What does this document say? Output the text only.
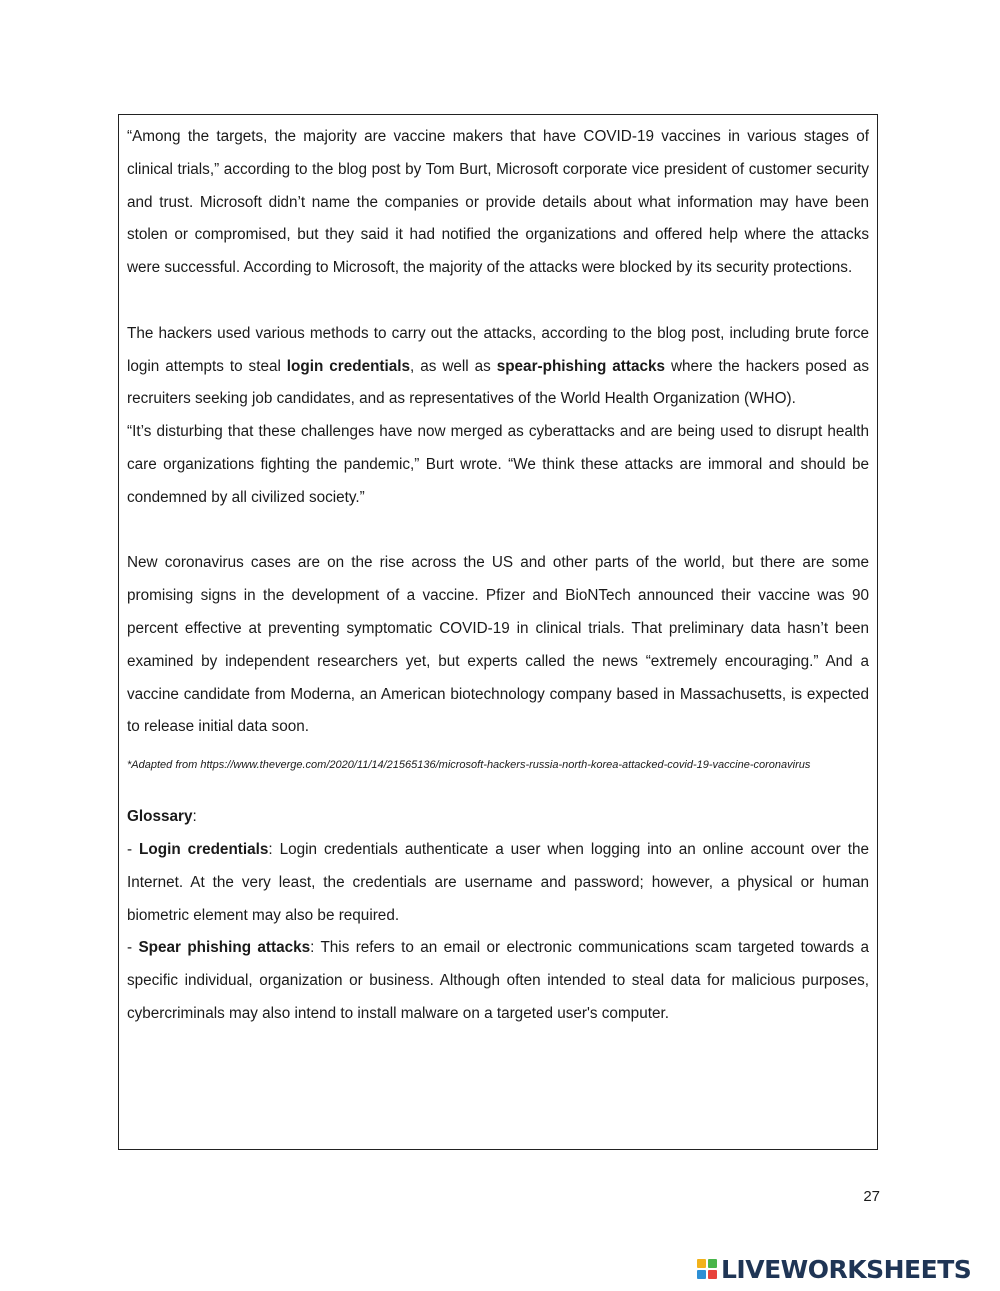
“Among the targets, the majority are vaccine makers that have COVID-19 vaccines in various stages of clinical trials,” according to the blog post by Tom Burt, Microsoft corporate vice president of customer security and trust. Microsoft didn’t name the companies or provide details about what information may have been stolen or compromised, but they said it had notified the organizations and offered help where the attacks were successful. According to Microsoft, the majority of the attacks were blocked by its security protections.

The hackers used various methods to carry out the attacks, according to the blog post, including brute force login attempts to steal login credentials, as well as spear-phishing attacks where the hackers posed as recruiters seeking job candidates, and as representatives of the World Health Organization (WHO).

“It’s disturbing that these challenges have now merged as cyberattacks and are being used to disrupt health care organizations fighting the pandemic,” Burt wrote. “We think these attacks are immoral and should be condemned by all civilized society.”

New coronavirus cases are on the rise across the US and other parts of the world, but there are some promising signs in the development of a vaccine. Pfizer and BioNTech announced their vaccine was 90 percent effective at preventing symptomatic COVID-19 in clinical trials. That preliminary data hasn’t been examined by independent researchers yet, but experts called the news “extremely encouraging.” And a vaccine candidate from Moderna, an American biotechnology company based in Massachusetts, is expected to release initial data soon.

*Adapted from https://www.theverge.com/2020/11/14/21565136/microsoft-hackers-russia-north-korea-attacked-covid-19-vaccine-coronavirus

Glossary:

- Login credentials: Login credentials authenticate a user when logging into an online account over the Internet. At the very least, the credentials are username and password; however, a physical or human biometric element may also be required.

- Spear phishing attacks: This refers to an email or electronic communications scam targeted towards a specific individual, organization or business. Although often intended to steal data for malicious purposes, cybercriminals may also intend to install malware on a targeted user's computer.

27
LIVEWORKSHEETS
